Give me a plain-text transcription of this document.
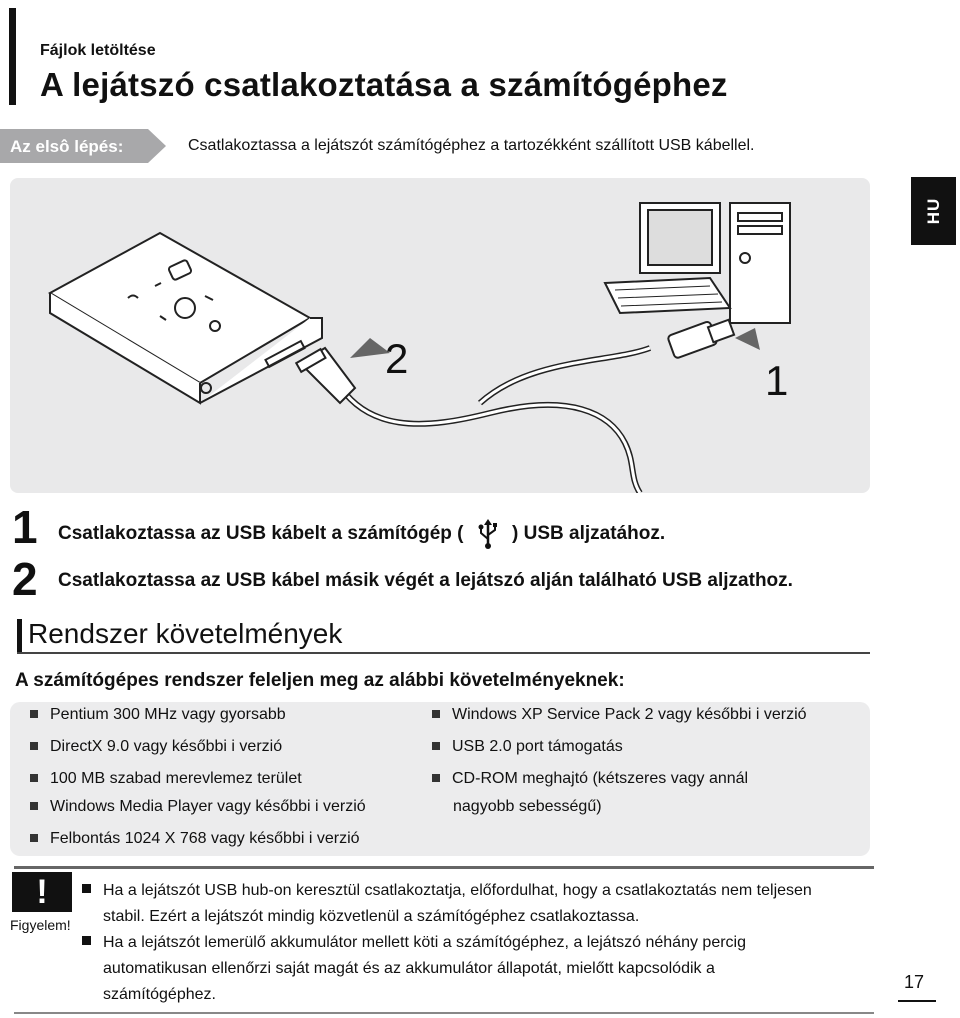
Fájlok letöltése
A lejátszó csatlakoztatása a számítógéphez
Az elsô lépés:	Csatlakoztassa a lejátszót számítógéphez a tartozékként szállított USB kábellel.
HU
2	1
1 Csatlakoztassa az USB kábelt a számítógép (	) USB aljzatához.
2 Csatlakoztassa az USB kábel másik végét a lejátszó alján található USB aljzathoz.
Rendszer követelmények
A számítógépes rendszer feleljen meg az alábbi követelményeknek:
Pentium 300 MHz vagy gyorsabb
DirectX 9.0 vagy későbbi i verzió
100 MB szabad merevlemez terület
Windows Media Player vagy későbbi i verzió
Felbontás 1024 X 768 vagy későbbi i verzió
Windows XP Service Pack 2 vagy későbbi i verzió
USB 2.0 port támogatás
CD-ROM meghajtó (kétszeres vagy annál
nagyobb sebességű)
!
Figyelem!
Ha a lejátszót USB hub-on keresztül csatlakoztatja, előfordulhat, hogy a csatlakoztatás nem teljesen
stabil. Ezért a lejátszót mindig közvetlenül a számítógéphez csatlakoztassa.
Ha a lejátszót lemerülő akkumulátor mellett köti a számítógéphez, a lejátszó néhány percig
automatikusan ellenőrzi saját magát és az akkumulátor állapotát, mielőtt kapcsolódik a
számítógéphez.
17
